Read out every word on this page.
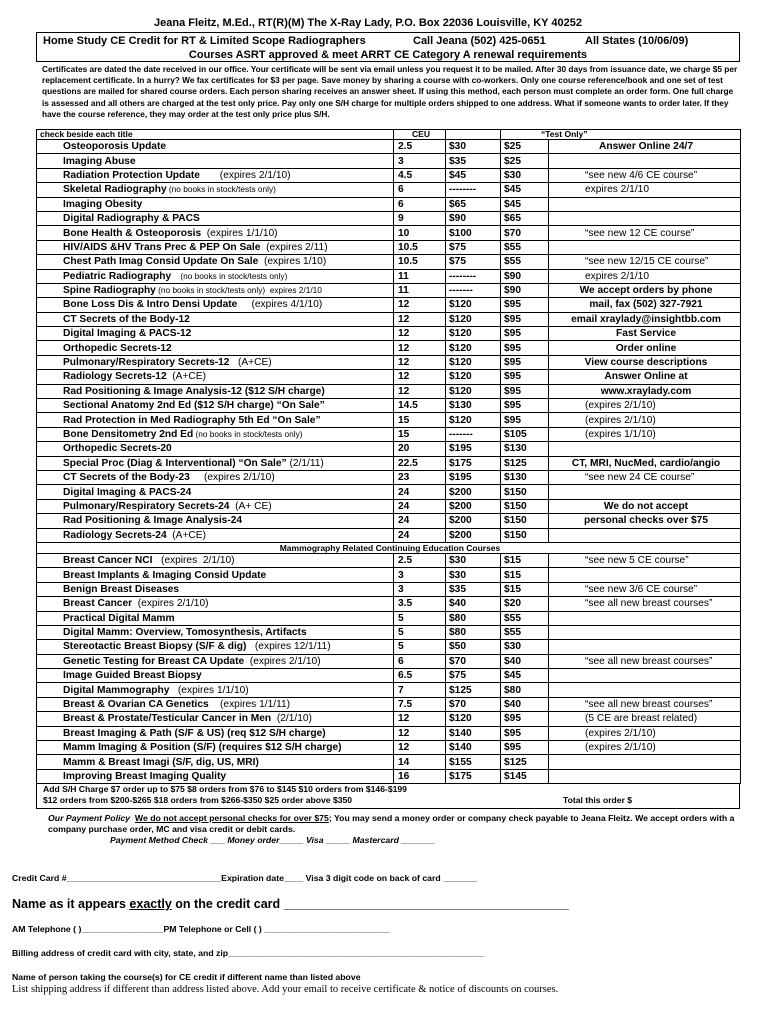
Jeana Fleitz, M.Ed., RT(R)(M) The X-Ray Lady, P.O. Box 22036 Louisville, KY 40252
Home Study CE Credit for RT & Limited Scope Radiographers	Call Jeana (502) 425-0651	All States (10/06/09)
Courses ASRT approved & meet ARRT CE Category A renewal requirements
Certificates are dated the date received in our office. Your certificate will be sent via email unless you request it to be mailed. After 30 days from issuance date, we charge $5 per replacement certificate. In a hurry? We fax certificates for $3 per page. Save money by sharing a course with co-workers. Only one course reference/book and one set of test questions are mailed for shared course orders. Each person sharing receives an answer sheet. If using this method, each person must complete an order form. One full charge is assessed and all others are charged at the test only price. Pay only one S/H charge for multiple orders shipped to one address. What if someone wants to order later. If they have the course reference, they may order at the test only price plus S/H.
check beside each title	CEU		“Test Only”	
Osteoporosis Update	2.5	$30	$25	Answer Online 24/7
Imaging Abuse	3	$35	$25	
Radiation Protection Update       (expires 2/1/10)	4.5	$45	$30	“see new 4/6 CE course”
Skeletal Radiography (no books in stock/tests only)	6	--------	$45	expires 2/1/10
Imaging Obesity	6	$65	$45	
Digital Radiography & PACS	9	$90	$65	
Bone Health & Osteoporosis  (expires 1/1/10)	10	$100	$70	“see new 12 CE course”
HIV/AIDS &HV Trans Prec & PEP On Sale  (expires 2/11)	10.5	$75	$55	
Chest Path Imag Consid Update On Sale  (expires 1/10)	10.5	$75	$55	“see new 12/15 CE course”
Pediatric Radiography    (no books in stock/tests only)	11	--------	$90	expires 2/1/10
Spine Radiography (no books in stock/tests only)  expires 2/1/10	11	-------	$90	We accept orders by phone
Bone Loss Dis & Intro Densi Update     (expires 4/1/10)	12	$120	$95	mail, fax (502) 327-7921
CT Secrets of the Body-12	12	$120	$95	email xraylady@insightbb.com
Digital Imaging & PACS-12	12	$120	$95	Fast Service
Orthopedic Secrets-12	12	$120	$95	Order online
Pulmonary/Respiratory Secrets-12   (A+CE)	12	$120	$95	View course descriptions
Radiology Secrets-12  (A+CE)	12	$120	$95	Answer Online at
Rad Positioning & Image Analysis-12 ($12 S/H charge)	12	$120	$95	www.xraylady.com
Sectional Anatomy 2nd Ed ($12 S/H charge) “On Sale”	14.5	$130	$95	(expires 2/1/10)
Rad Protection in Med Radiography 5th Ed “On Sale”	15	$120	$95	(expires 2/1/10)
Bone Densitometry 2nd Ed (no books in stock/tests only)	15	-------	$105	(expires 1/1/10)
Orthopedic Secrets-20	20	$195	$130	
Special Proc (Diag & Interventional) “On Sale” (2/1/11)	22.5	$175	$125	CT, MRI, NucMed, cardio/angio
CT Secrets of the Body-23     (expires 2/1/10)	23	$195	$130	“see new 24 CE course”
Digital Imaging & PACS-24	24	$200	$150	
Pulmonary/Respiratory Secrets-24  (A+ CE)	24	$200	$150	We do not accept
Rad Positioning & Image Analysis-24	24	$200	$150	personal checks over $75
Radiology Secrets-24  (A+CE)	24	$200	$150	
Mammography Related Continuing Education Courses				
Breast Cancer NCI   (expires  2/1/10)	2.5	$30	$15	“see new 5 CE course”
Breast Implants & Imaging Consid Update	3	$30	$15	
Benign Breast Diseases	3	$35	$15	“see new 3/6 CE course”
Breast Cancer  (expires 2/1/10)	3.5	$40	$20	“see all new breast courses”
Practical Digital Mamm	5	$80	$55	
Digital Mamm: Overview, Tomosynthesis, Artifacts	5	$80	$55	
Stereotactic Breast Biopsy (S/F & dig)   (expires 12/1/11)	5	$50	$30	
Genetic Testing for Breast CA Update  (expires 2/1/10)	6	$70	$40	“see all new breast courses”
Image Guided Breast Biopsy	6.5	$75	$45	
Digital Mammography   (expires 1/1/10)	7	$125	$80	
Breast & Ovarian CA Genetics    (expires 1/1/11)	7.5	$70	$40	“see all new breast courses”
Breast & Prostate/Testicular Cancer in Men  (2/1/10)	12	$120	$95	(5 CE are breast related)
Breast Imaging & Path (S/F & US) (req $12 S/H charge)	12	$140	$95	(expires 2/1/10)
Mamm Imaging & Position (S/F) (requires $12 S/H charge)	12	$140	$95	(expires 2/1/10)
Mamm & Breast Imagi (S/F, dig, US, MRI)	14	$155	$125	
Improving Breast Imaging Quality	16	$175	$145	
Add S/H Charge $7 order up to $75 $8 orders from $76 to $145 $10 orders from $146-$199
$12 orders from $200-$265 $18 orders from $266-$350 $25 order above $350	Total this order $
Our Payment Policy We do not accept personal checks for over $75; You may send a money order or company check payable to Jeana Fleitz. We accept orders with a company purchase order, MC and visa credit or debit cards.
Payment Method Check ___ Money order_____ Visa _____ Mastercard _______
Credit Card #________________________________Expiration date____ Visa 3 digit code on back of card _______
Name as it appears exactly on the credit card _________________________________________
AM Telephone ( )_________________PM Telephone or Cell ( ) __________________________
Billing address of credit card with city, state, and zip_____________________________________________________
Name of person taking the course(s) for CE credit if different name than listed above
List shipping address if different than address listed above. Add your email to receive certificate & notice of discounts on courses.
